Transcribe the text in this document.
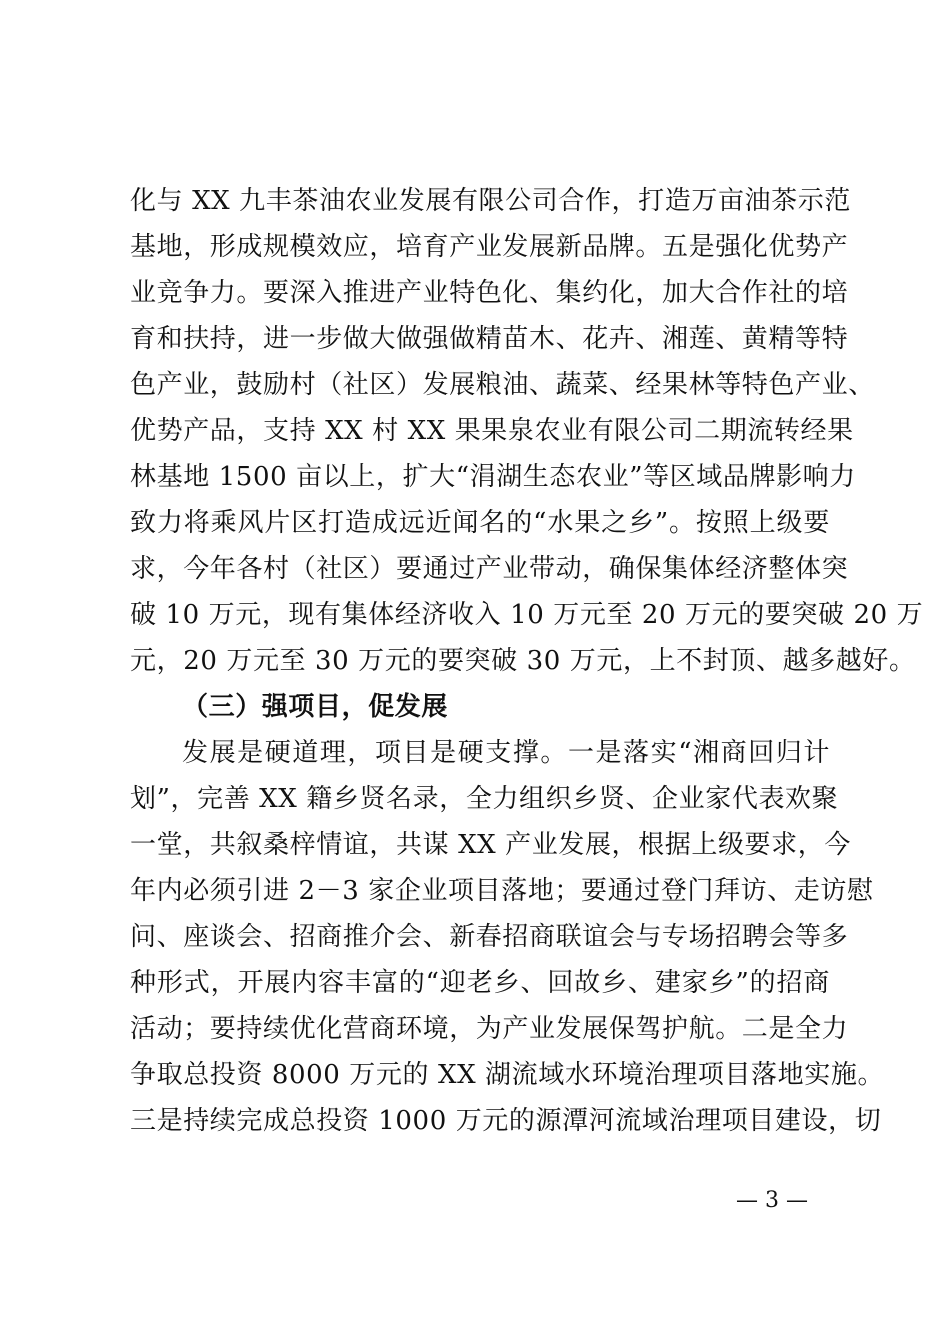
化与 XX 九丰茶油农业发展有限公司合作，打造万亩油茶示范
基地，形成规模效应，培育产业发展新品牌。五是强化优势产
业竞争力。要深入推进产业特色化、集约化，加大合作社的培
育和扶持，进一步做大做强做精苗木、花卉、湘莲、黄精等特
色产业，鼓励村（社区）发展粮油、蔬菜、经果林等特色产业、
优势产品，支持 XX 村 XX 果果泉农业有限公司二期流转经果
林基地 1500 亩以上，扩大“涓湖生态农业”等区域品牌影响力
致力将乘风片区打造成远近闻名的“水果之乡”。按照上级要
求，今年各村（社区）要通过产业带动，确保集体经济整体突
破 10 万元，现有集体经济收入 10 万元至 20 万元的要突破 20 万
元，20 万元至 30 万元的要突破 30 万元，上不封顶、越多越好。
（三）强项目，促发展
发展是硬道理，项目是硬支撑。一是落实“湘商回归计
划”，完善 XX 籍乡贤名录，全力组织乡贤、企业家代表欢聚
一堂，共叙桑梓情谊，共谋 XX 产业发展，根据上级要求，今
年内必须引进 2－3 家企业项目落地；要通过登门拜访、走访慰
问、座谈会、招商推介会、新春招商联谊会与专场招聘会等多
种形式，开展内容丰富的“迎老乡、回故乡、建家乡”的招商
活动；要持续优化营商环境，为产业发展保驾护航。二是全力
争取总投资 8000 万元的 XX 湖流域水环境治理项目落地实施。
三是持续完成总投资 1000 万元的源潭河流域治理项目建设，切
— 3 —
